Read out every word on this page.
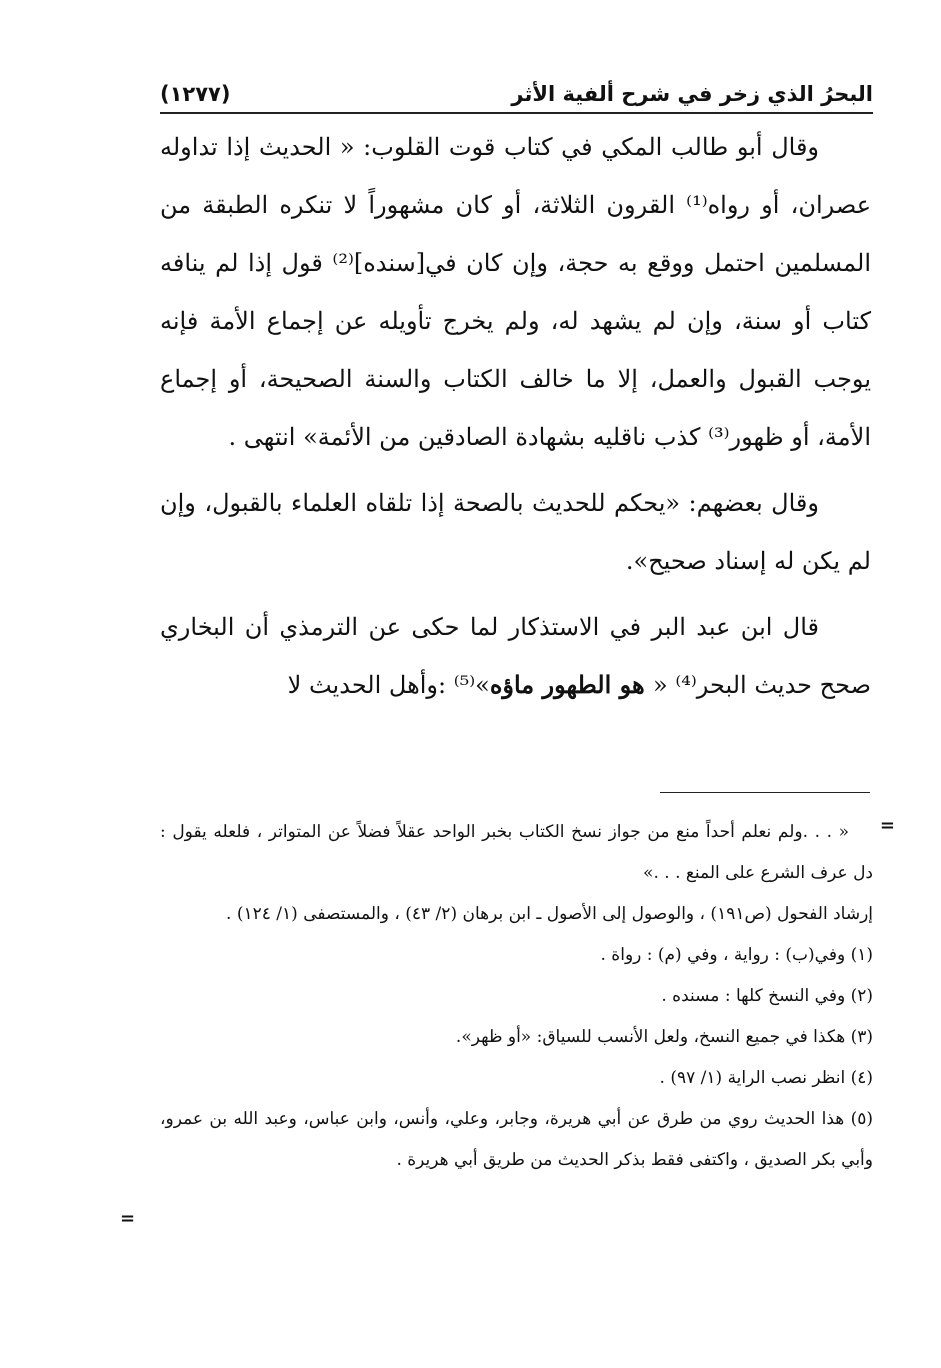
البحرُ الذي زخر في شرح ألفية الأثر
(١٢٧٧)

وقال أبو طالب المكي في كتاب قوت القلوب: « الحديث إذا تداوله عصران، أو رواه⁽¹⁾ القرون الثلاثة، أو كان مشهوراً لا تنكره الطبقة من المسلمين احتمل ووقع به حجة، وإن كان في[سنده]⁽²⁾ قول إذا لم ينافه كتاب أو سنة، وإن لم يشهد له، ولم يخرج تأويله عن إجماع الأمة فإنه يوجب القبول والعمل، إلا ما خالف الكتاب والسنة الصحيحة، أو إجماع الأمة، أو ظهور⁽³⁾ كذب ناقليه بشهادة الصادقين من الأئمة» انتهى .

وقال بعضهم: «يحكم للحديث بالصحة إذا تلقاه العلماء بالقبول، وإن لم يكن له إسناد صحيح».

قال ابن عبد البر في الاستذكار لما حكى عن الترمذي أن البخاري صحح حديث البحر⁽⁴⁾ « هو الطهور ماؤه»⁽⁵⁾ :وأهل الحديث لا

=

« . . .ولم نعلم أحداً منع من جواز نسخ الكتاب بخبر الواحد عقلاً فضلاً عن المتواتر ، فلعله يقول : دل عرف الشرع على المنع . . .»

إرشاد الفحول (ص١٩١) ، والوصول إلى الأصول ـ ابن برهان (٢/ ٤٣) ، والمستصفى (١/ ١٢٤) .

(١) وفي(ب) : رواية ، وفي (م) : رواة .

(٢) وفي النسخ كلها : مسنده .

(٣) هكذا في جميع النسخ، ولعل الأنسب للسياق: «أو ظهر».

(٤) انظر نصب الراية (١/ ٩٧) .

(٥) هذا الحديث روي من طرق عن أبي هريرة، وجابر، وعلي، وأنس، وابن عباس، وعبد الله بن عمرو، وأبي بكر الصديق ، واكتفى فقط بذكر الحديث من طريق أبي هريرة .

=
